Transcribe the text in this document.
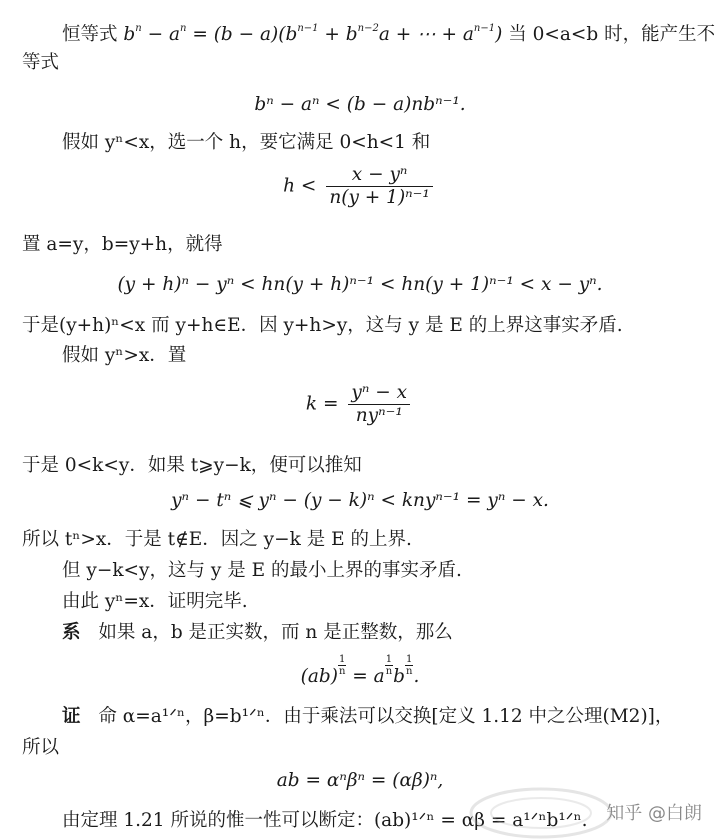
恒等式 $b^n - a^n = (b - a)(b^{n-1} + b^{n-2}a$ + ⋯ + $a^{n-1}$) 当 0<a<b 时，能产生不
等式
bⁿ − aⁿ < (b − a)nbⁿ⁻¹.
假如 yⁿ<x，选一个 h，要它满足 0<h<1 和
$h < \frac{\text{x − yⁿ}}{\text{n(y + 1)ⁿ⁻¹}}$
置 a=y，b=y+h，就得
(y + h)ⁿ − yⁿ < hn(y + h)ⁿ⁻¹ < hn(y + 1)ⁿ⁻¹ < x − yⁿ.
于是(y+h)ⁿ<x 而 y+h∈E．因 y+h>y，这与 y 是 E 的上界这事实矛盾.
假如 yⁿ>x．置
$k = \frac{\text{yⁿ − x}}{\text{nyⁿ⁻¹}}$
于是 0<k<y．如果 t⩾y−k，便可以推知
yⁿ − tⁿ ⩽ yⁿ − (y − k)ⁿ < knyⁿ⁻¹ = yⁿ − x.
所以 tⁿ>x．于是 t∉E．因之 y−k 是 E 的上界.
但 y−k<y，这与 y 是 E 的最小上界的事实矛盾.
由此 yⁿ=x．证明完毕.
系 如果 a，b 是正实数，而 n 是正整数，那么
$(ab) \frac{1}{n} = a \frac{1}{n}$ b $\frac{1}{n}$ .
证 命 α=a¹ᐟⁿ，β=b¹ᐟⁿ．由于乘法可以交换[定义 1.12 中之公理(M2)]，
所以
ab = αⁿβⁿ = (αβ)ⁿ,
由定理 1.21 所说的惟一性可以断定：(ab)¹ᐟⁿ = αβ = a¹ᐟⁿb¹ᐟⁿ. 知乎 @白朗
